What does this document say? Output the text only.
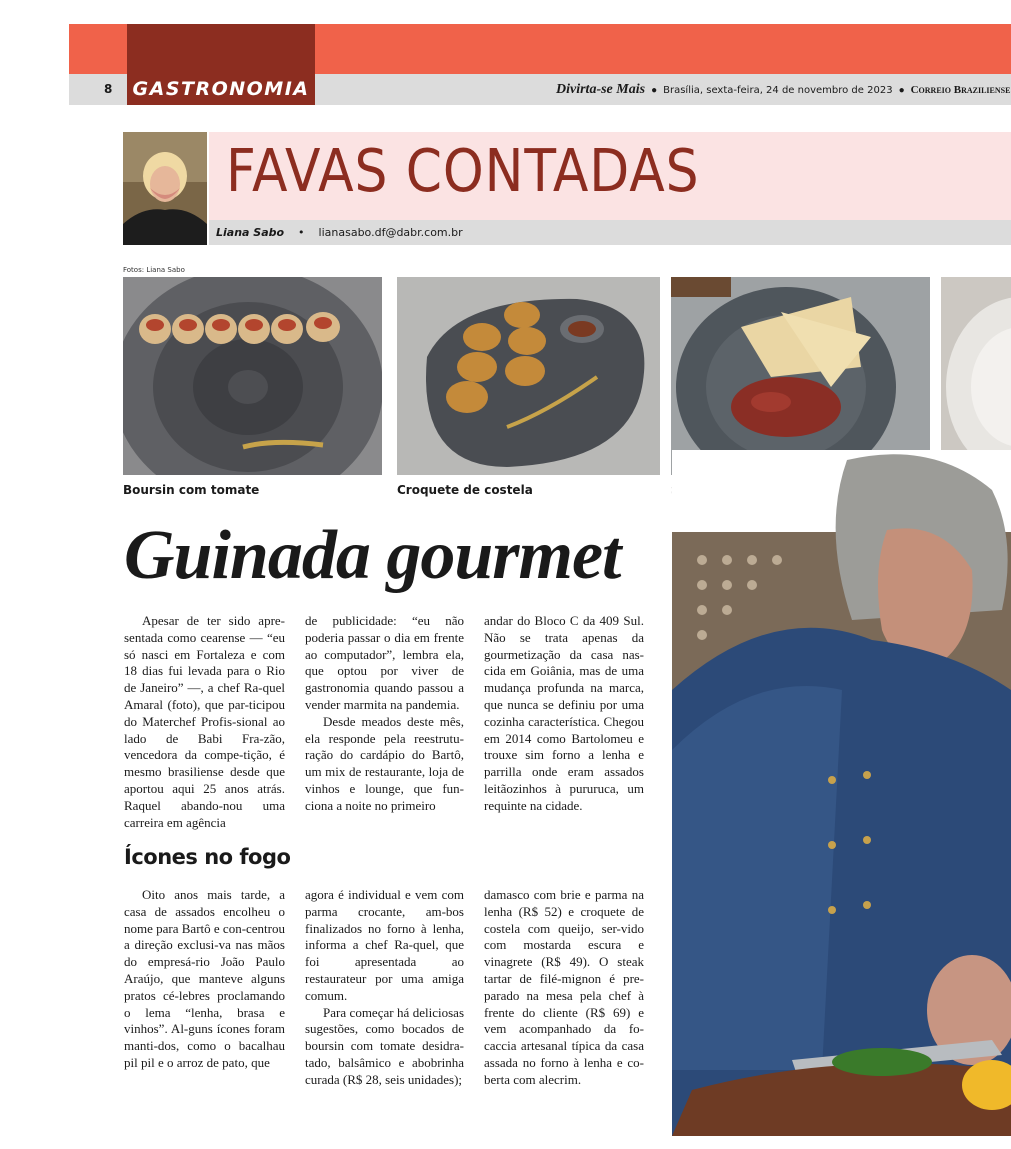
GASTRONOMIA
8	Divirta-se Mais ● Brasília, sexta-feira, 24 de novembro de 2023 ● Correio Braziliense
FAVAS CONTADAS
Liana Sabo    •    lianasabo.df@dabr.com.br
Fotos: Liana Sabo
Boursin com tomate	Croquete de costela
Guinada gourmet

Apesar de ter sido apre-sentada como cearense — “eu só nasci em Fortaleza e com 18 dias fui levada para o Rio de Janeiro” —, a chef Ra-quel Amaral (foto), que par-ticipou do Materchef Profis-sional ao lado de Babi Fra-zão, vencedora da compe-tição, é mesmo brasiliense desde que aportou aqui 25 anos atrás. Raquel abando-nou uma carreira em agência

de publicidade: “eu não poderia passar o dia em frente ao computador”, lembra ela, que optou por viver de gastronomia quando passou a vender marmita na pandemia.

Desde meados deste mês, ela responde pela reestrutu-ração do cardápio do Bartô, um mix de restaurante, loja de vinhos e lounge, que fun-ciona a noite no primeiro

andar do Bloco C da 409 Sul. Não se trata apenas da gourmetização da casa nas-cida em Goiânia, mas de uma mudança profunda na marca, que nunca se definiu por uma cozinha característica. Chegou em 2014 como Bartolomeu e trouxe sim forno a lenha e parrilla onde eram assados leitãozinhos à pururuca, um requinte na cidade.

Ícones no fogo

Oito anos mais tarde, a casa de assados encolheu o nome para Bartô e con-centrou a direção exclusi-va nas mãos do empresá-rio João Paulo Araújo, que manteve alguns pratos cé-lebres proclamando o lema “lenha, brasa e vinhos”. Al-guns ícones foram manti-dos, como o bacalhau pil pil e o arroz de pato, que

agora é individual e vem com parma crocante, am-bos finalizados no forno à lenha, informa a chef Ra-quel, que foi apresentada ao restaurateur por uma amiga comum.

Para começar há deliciosas sugestões, como bocados de boursin com tomate desidra-tado, balsâmico e abobrinha curada (R$ 28, seis unidades);

damasco com brie e parma na lenha (R$ 52) e croquete de costela com queijo, ser-vido com mostarda escura e vinagrete (R$ 49). O steak tartar de filé-mignon é pre-parado na mesa pela chef à frente do cliente (R$ 69) e vem acompanhado da fo-caccia artesanal típica da casa assada no forno à lenha e co-berta com alecrim.
